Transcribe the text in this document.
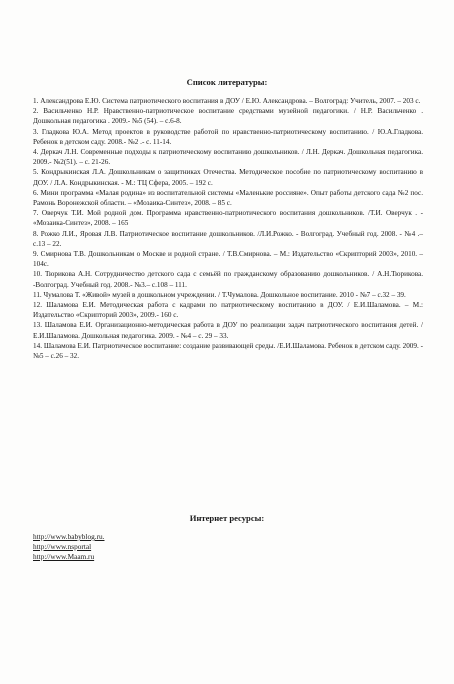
Список литературы:

1. Александрова Е.Ю. Система патриотического воспитания в ДОУ / Е.Ю. Александрова. – Волгоград: Учитель, 2007. – 203 с.

2. Васильченко Н.Р. Нравственно-патриотическое воспитание средствами музейной педагогики. / Н.Р. Васильченко . Дошкольная педагогика . 2009.- №5 (54). – с.6-8.

3. Гладкова Ю.А. Метод проектов в руководстве работой по нравственно-патриотическому воспитанию. / Ю.А.Гладкова. Ребенок в детском саду. 2008.- №2 .- с. 11-14.

4. Деркач Л.Н. Современные подходы к патриотическому воспитанию дошкольников. / Л.Н. Деркач. Дошкольная педагогика. 2009.- №2(51). – с. 21-26.

5. Кондрыкинская Л.А. Дошкольникам о защитниках Отечества. Методическое пособие по патриотическому воспитанию в ДОУ. / Л.А. Кондрыкинская. - М.: ТЦ Сфера, 2005. – 192 с.

6. Мини программа «Малая родина» из воспитательной системы «Маленькие россияне». Опыт работы детского сада №2 пос. Рамонь Воронежской области. – «Мозаика-Синтез», 2008. – 85 с.

7. Оверчук Т.И. Мой родной дом. Программа нравственно-патриотического воспитания дошкольников. /Т.И. Оверчук . - «Мозаика-Синтез», 2008. – 165

8. Рожко Л.И., Яровая Л.В. Патриотическое воспитание дошкольников. /Л.И.Рожко. - Волгоград. Учебный год. 2008. - №4 .– с.13 – 22.

9. Смирнова Т.В. Дошкольникам о Москве и родной стране. / Т.В.Смирнова. – М.: Издательство «Скрипторий 2003», 2010. – 104с.

10. Тюрикова А.Н. Сотрудничество детского сада с семьёй по гражданскому образованию дошкольников. / А.Н.Тюрикова. -Волгоград. Учебный год. 2008.- №3.– с.108 – 111.

11. Чумалова Т. «Живой» музей в дошкольном учреждении. / Т.Чумалова. Дошкольное воспитание. 2010 - №7 – с.32 – 39.

12. Шаламова Е.И. Методическая работа с кадрами по патриотическому воспитанию в ДОУ. / Е.И.Шаламова. – М.: Издательство «Скрипторий 2003», 2009.- 160 с.

13. Шаламова Е.И. Организационно-методическая работа в ДОУ по реализации задач патриотического воспитания детей. / Е.И.Шаламова. Дошкольная педагогика. 2009. - №4 – с. 29 – 33.

14. Шаламова Е.И. Патриотическое воспитание: создание развивающей среды. /Е.И.Шаламова. Ребенок в детском саду. 2009. - №5 – с.26 – 32.

Интернет ресурсы:
http://www.babyblog.ru.
http://www.nsportal
http://www.Maam.ru
